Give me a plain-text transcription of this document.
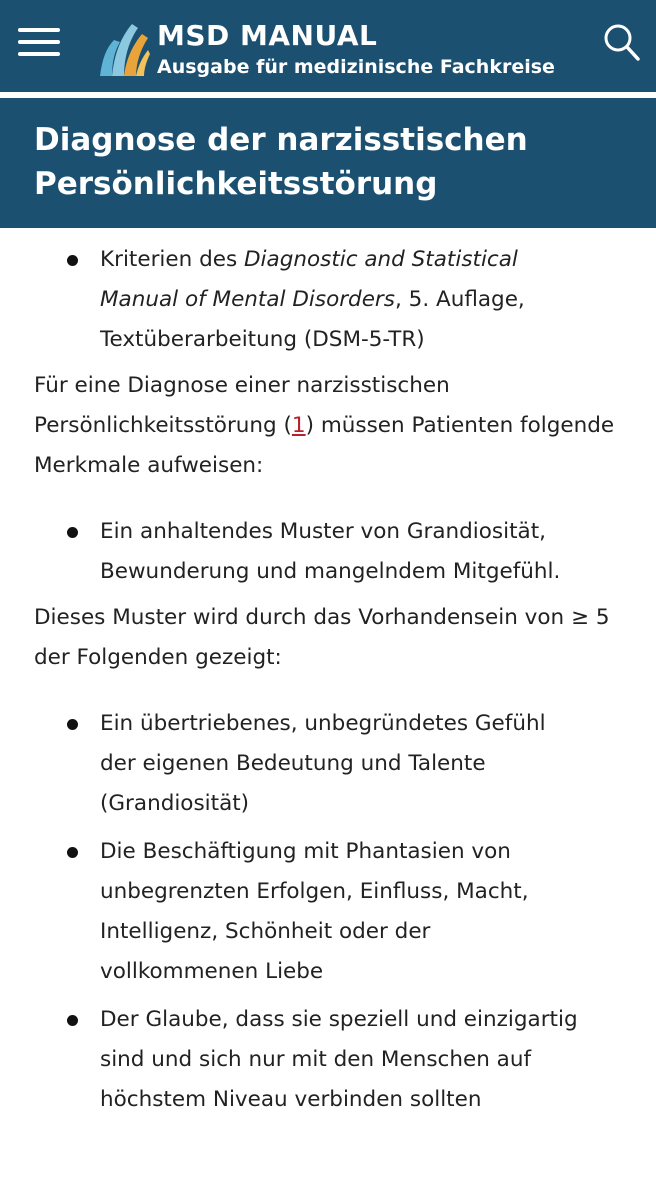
MSD MANUAL
Ausgabe für medizinische Fachkreise
Diagnose der narzisstischen
Persönlichkeitsstörung
Kriterien des Diagnostic and Statistical Manual of Mental Disorders, 5. Auflage, Textüberarbeitung (DSM-5-TR)

Für eine Diagnose einer narzisstischen Persönlichkeitsstörung (1) müssen Patienten folgende Merkmale aufweisen:

Ein anhaltendes Muster von Grandiosität, Bewunderung und mangelndem Mitgefühl.

Dieses Muster wird durch das Vorhandensein von ≥ 5 der Folgenden gezeigt:

Ein übertriebenes, unbegründetes Gefühl der eigenen Bedeutung und Talente (Grandiosität)
Die Beschäftigung mit Phantasien von unbegrenzten Erfolgen, Einfluss, Macht, Intelligenz, Schönheit oder der vollkommenen Liebe
Der Glaube, dass sie speziell und einzigartig sind und sich nur mit den Menschen auf höchstem Niveau verbinden sollten
